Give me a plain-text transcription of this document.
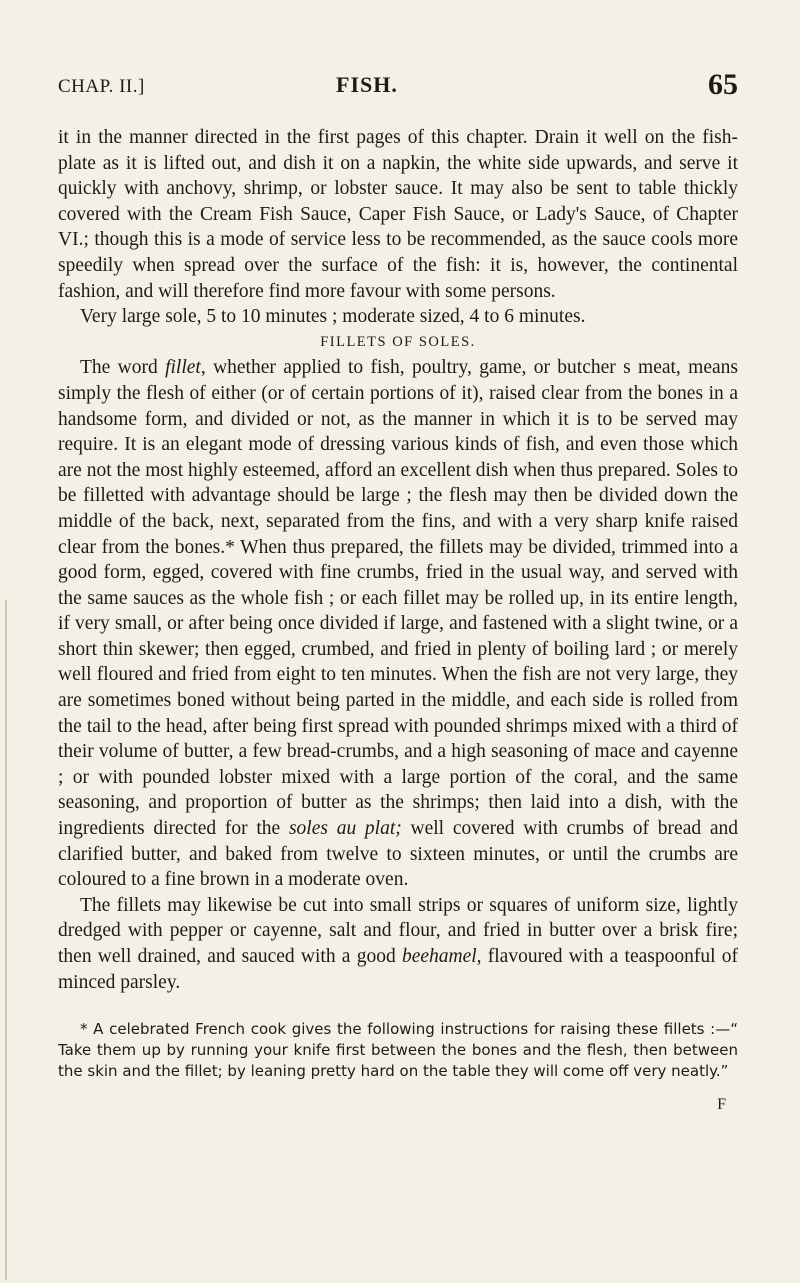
CHAP. II.]	FISH.	65

it in the manner directed in the first pages of this chapter. Drain it well on the fish-plate as it is lifted out, and dish it on a napkin, the white side upwards, and serve it quickly with anchovy, shrimp, or lobster sauce. It may also be sent to table thickly covered with the Cream Fish Sauce, Caper Fish Sauce, or Lady's Sauce, of Chapter VI.; though this is a mode of service less to be recommended, as the sauce cools more speedily when spread over the surface of the fish: it is, however, the continental fashion, and will therefore find more favour with some persons.

Very large sole, 5 to 10 minutes ; moderate sized, 4 to 6 minutes.

FILLETS OF SOLES.

The word fillet, whether applied to fish, poultry, game, or butcher s meat, means simply the flesh of either (or of certain portions of it), raised clear from the bones in a handsome form, and divided or not, as the manner in which it is to be served may require. It is an elegant mode of dressing various kinds of fish, and even those which are not the most highly esteemed, afford an excellent dish when thus prepared. Soles to be filletted with advantage should be large ; the flesh may then be divided down the middle of the back, next, separated from the fins, and with a very sharp knife raised clear from the bones.* When thus prepared, the fillets may be divided, trimmed into a good form, egged, covered with fine crumbs, fried in the usual way, and served with the same sauces as the whole fish ; or each fillet may be rolled up, in its entire length, if very small, or after being once divided if large, and fastened with a slight twine, or a short thin skewer; then egged, crumbed, and fried in plenty of boiling lard ; or merely well floured and fried from eight to ten minutes. When the fish are not very large, they are sometimes boned without being parted in the middle, and each side is rolled from the tail to the head, after being first spread with pounded shrimps mixed with a third of their volume of butter, a few bread-crumbs, and a high seasoning of mace and cayenne ; or with pounded lobster mixed with a large portion of the coral, and the same seasoning, and proportion of butter as the shrimps; then laid into a dish, with the ingredients directed for the soles au plat; well covered with crumbs of bread and clarified butter, and baked from twelve to sixteen minutes, or until the crumbs are coloured to a fine brown in a moderate oven.

The fillets may likewise be cut into small strips or squares of uniform size, lightly dredged with pepper or cayenne, salt and flour, and fried in butter over a brisk fire; then well drained, and sauced with a good beehamel, flavoured with a teaspoonful of minced parsley.

* A celebrated French cook gives the following instructions for raising these fillets :—“ Take them up by running your knife first between the bones and the flesh, then between the skin and the fillet; by leaning pretty hard on the table they will come off very neatly.”

F
